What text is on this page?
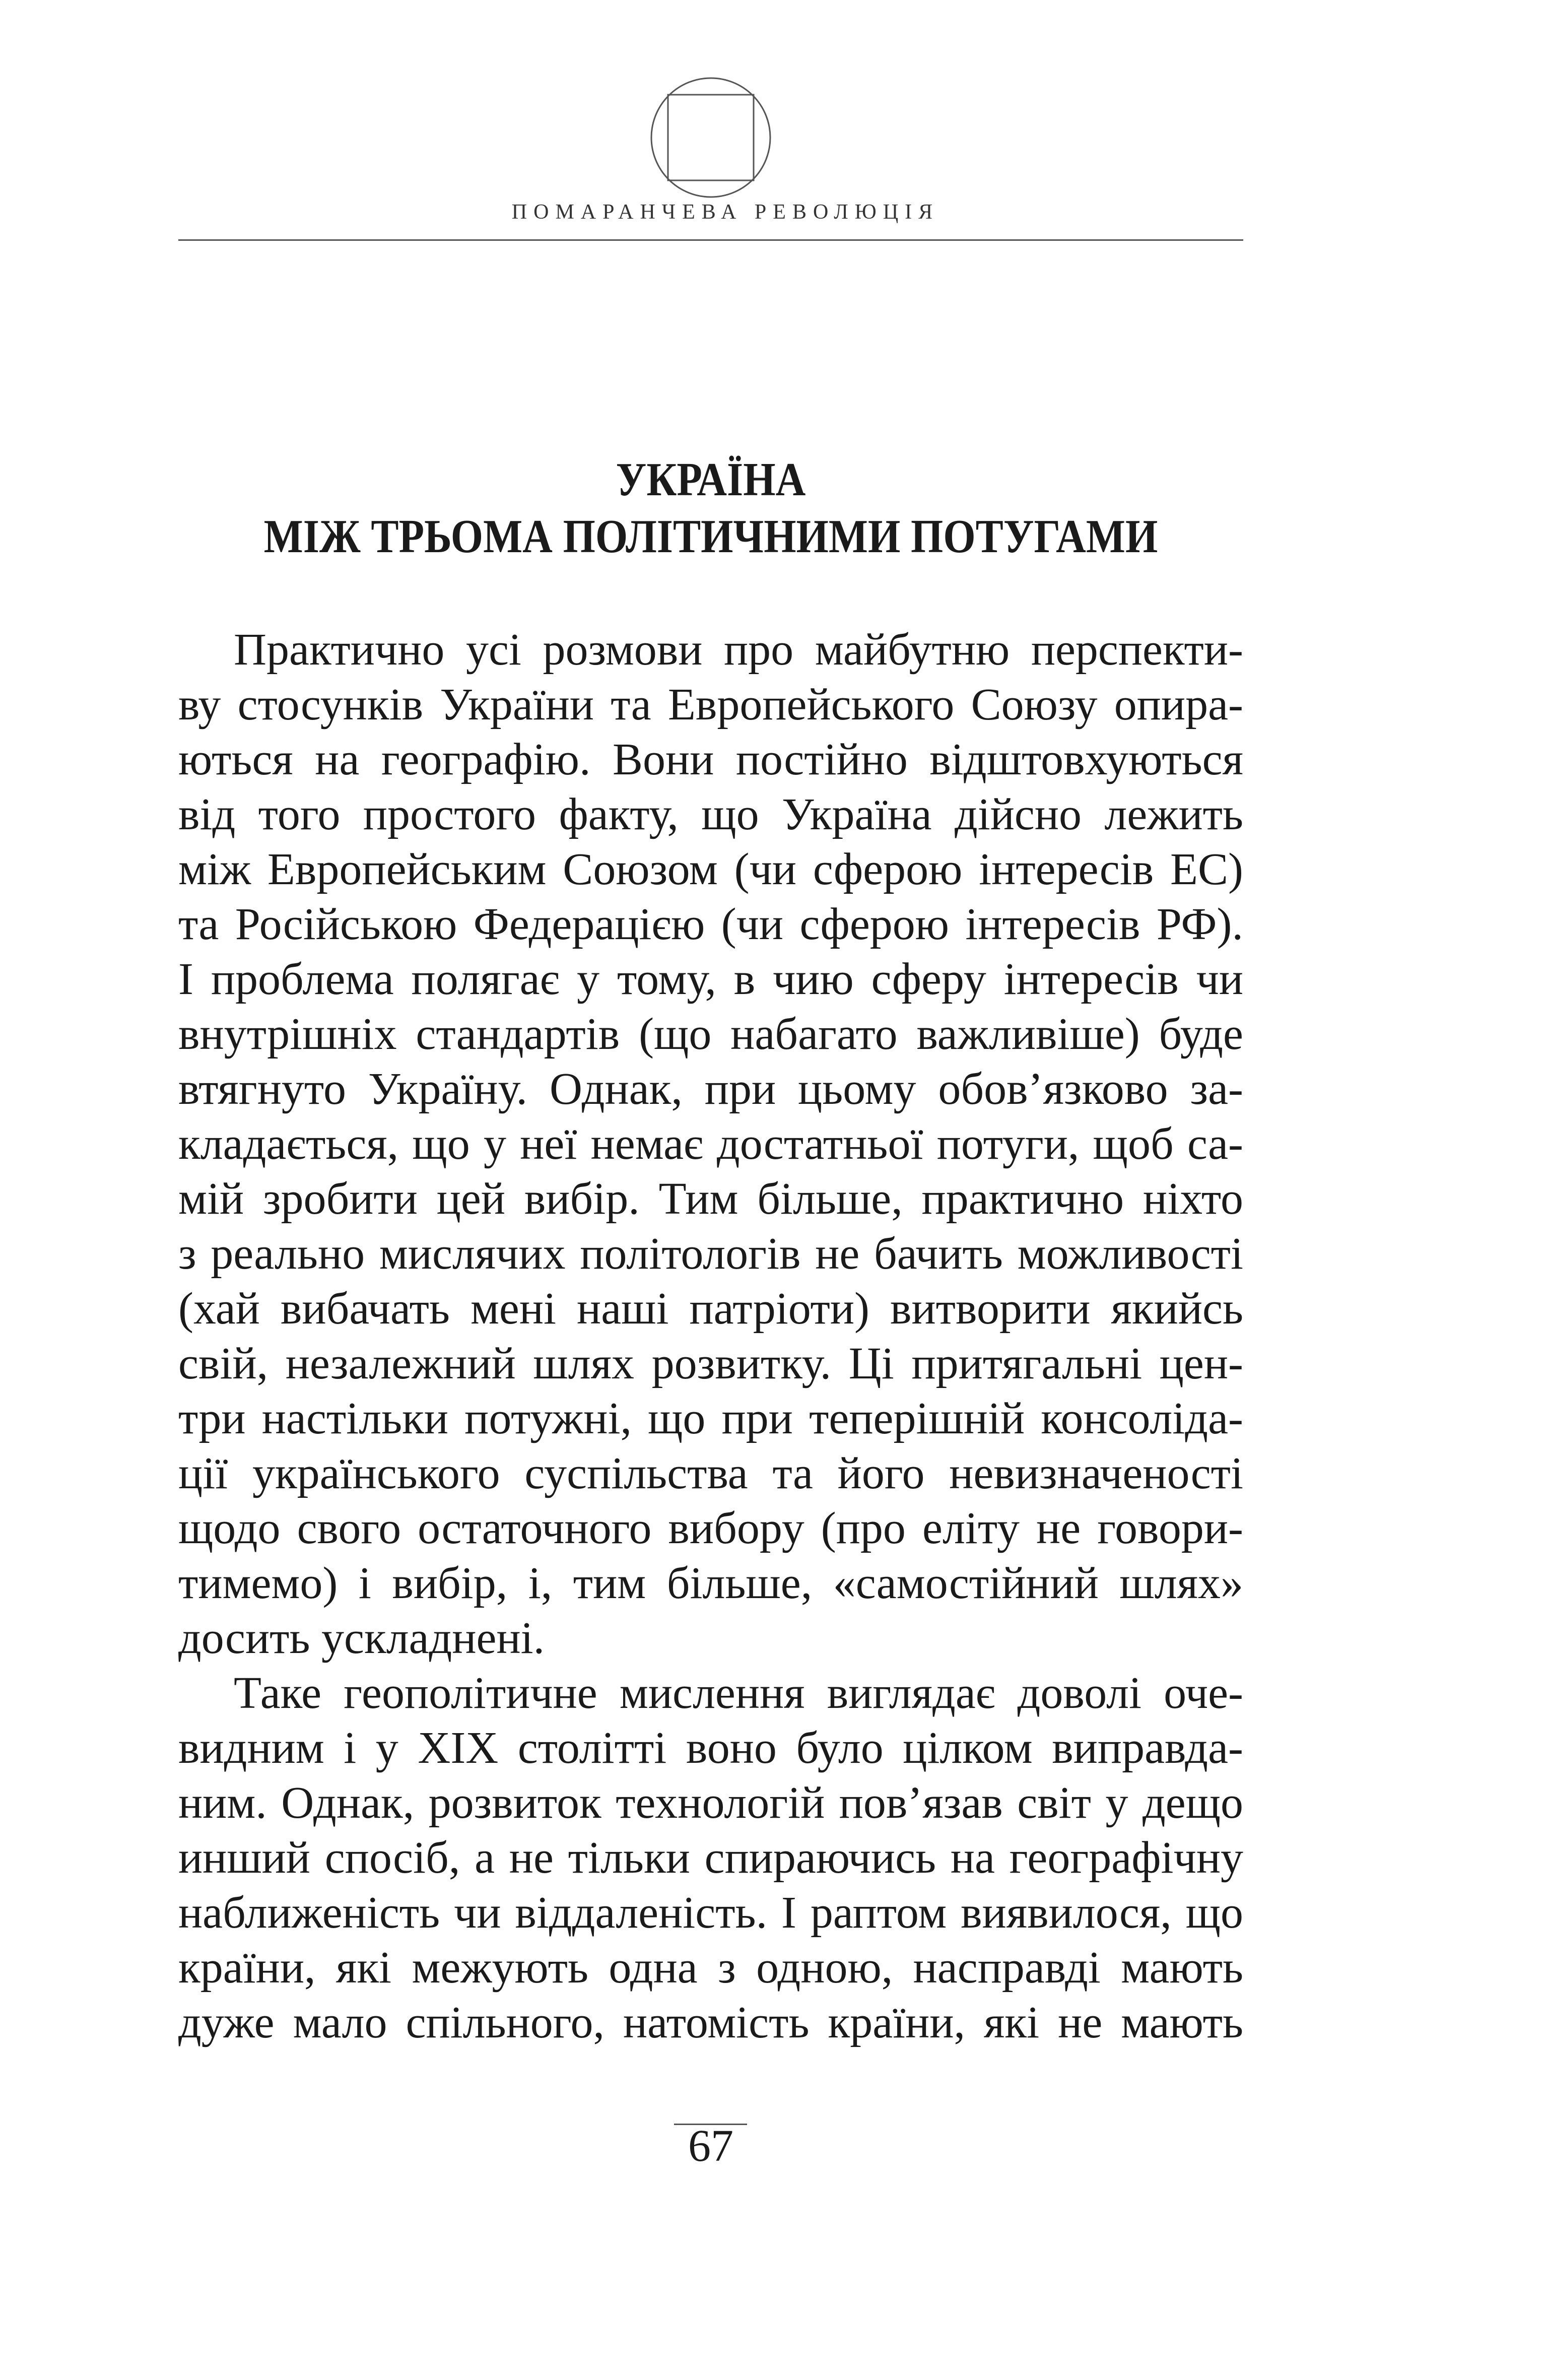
ПОМАРАНЧЕВА РЕВОЛЮЦІЯ
УКРАЇНА
МІЖ ТРЬОМА ПОЛІТИЧНИМИ ПОТУГАМИ
Практично усі розмови про майбутню перспекти-
ву стосунків України та Европейського Союзу опира-
ються на географію. Вони постійно відштовхуються
від того простого факту, що Україна дійсно лежить
між Европейським Союзом (чи сферою інтересів ЕС)
та Російською Федерацією (чи сферою інтересів РФ).
І проблема полягає у тому, в чию сферу інтересів чи
внутрішніх стандартів (що набагато важливіше) буде
втягнуто Україну. Однак, при цьому обов’язково за-
кладається, що у неї немає достатньої потуги, щоб са-
мій зробити цей вибір. Тим більше, практично ніхто
з реально мислячих політологів не бачить можливості
(хай вибачать мені наші патріоти) витворити якийсь
свій, незалежний шлях розвитку. Ці притягальні цен-
три настільки потужні, що при теперішній консоліда-
ції українського суспільства та його невизначеності
щодо свого остаточного вибору (про еліту не говори-
тимемо) і вибір, і, тим більше, «самостійний шлях»
досить ускладнені.
Таке геополітичне мислення виглядає доволі оче-
видним і у ХІХ столітті воно було цілком виправда-
ним. Однак, розвиток технологій пов’язав світ у дещо
инший спосіб, а не тільки спираючись на географічну
наближеність чи віддаленість. І раптом виявилося, що
країни, які межують одна з одною, насправді мають
дуже мало спільного, натомість країни, які не мають
67
